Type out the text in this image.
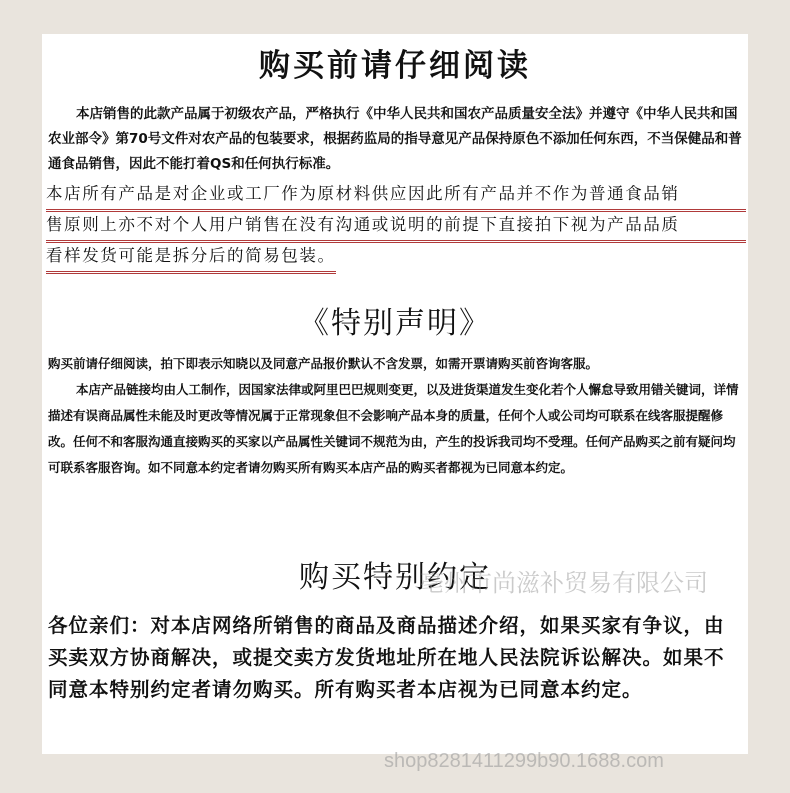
购买前请仔细阅读
本店销售的此款产品属于初级农产品，严格执行《中华人民共和国农产品质量安全法》并遵守《中华人民共和国农业部令》第70号文件对农产品的包装要求，根据药监局的指导意见产品保持原色不添加任何东西，不当保健品和普通食品销售，因此不能打着QS和任何执行标准。
本店所有产品是对企业或工厂作为原材料供应因此所有产品并不作为普通食品销
售原则上亦不对个人用户销售在没有沟通或说明的前提下直接拍下视为产品品质
看样发货可能是拆分后的简易包装。
《特别声明》
购买前请仔细阅读，拍下即表示知晓以及同意产品报价默认不含发票，如需开票请购买前咨询客服。
本店产品链接均由人工制作，因国家法律或阿里巴巴规则变更，以及进货渠道发生变化若个人懈怠导致用错关键词，详情描述有误商品属性未能及时更改等情况属于正常现象但不会影响产品本身的质量，任何个人或公司均可联系在线客服提醒修改。任何不和客服沟通直接购买的买家以产品属性关键词不规范为由，产生的投诉我司均不受理。任何产品购买之前有疑问均可联系客服咨询。如不同意本约定者请勿购买所有购买本店产品的购买者都视为已同意本约定。
购买特别约定
各位亲们：对本店网络所销售的商品及商品描述介绍，如果买家有争议，由买卖双方协商解决，或提交卖方发货地址所在地人民法院诉讼解决。如果不同意本特别约定者请勿购买。所有购买者本店视为已同意本约定。
亳州市尚滋补贸易有限公司
shop8281411299b90.1688.com
